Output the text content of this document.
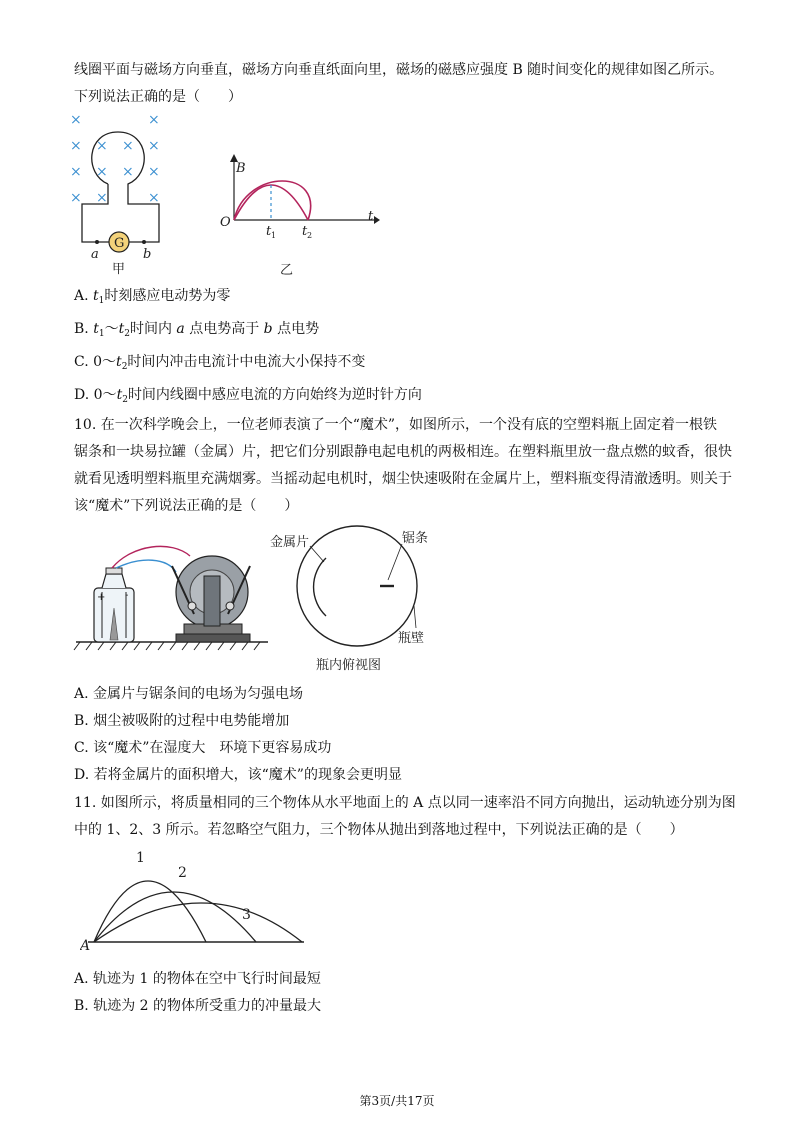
线圈平面与磁场方向垂直，磁场方向垂直纸面向里，磁场的磁感应强度 B 随时间变化的规律如图乙所示。
下列说法正确的是（　　）
×
×
×
×
×
×
×
×
×
×
×
×
×
G
a	b
甲
B
t
O
t 1 t 2
乙
A. $t_1$时刻感应电动势为零
B. $t_1\sim t_2$时间内 a 点电势高于 b 点电势
C. $0\sim t_2$时间内冲击电流计中电流大小保持不变
D. $0\sim t_2$时间内线圈中感应电流的方向始终为逆时针方向
10. 在一次科学晚会上，一位老师表演了一个“魔术”，如图所示，一个没有底的空塑料瓶上固定着一根铁
锯条和一块易拉罐（金属）片，把它们分别跟静电起电机的两极相连。在塑料瓶里放一盘点燃的蚊香，很快
就看见透明塑料瓶里充满烟雾。当摇动起电机时，烟尘快速吸附在金属片上，塑料瓶变得清澈透明。则关于
该“魔术”下列说法正确的是（　　）
+ -
金属片	锯条
瓶壁
瓶内俯视图
A. 金属片与锯条间的电场为匀强电场
B. 烟尘被吸附的过程中电势能增加
C. 该“魔术”在湿度大　环境下更容易成功
D. 若将金属片的面积增大，该“魔术”的现象会更明显
11. 如图所示，将质量相同的三个物体从水平地面上的 A 点以同一速率沿不同方向抛出，运动轨迹分别为图
中的 1、2、3 所示。若忽略空气阻力，三个物体从抛出到落地过程中，下列说法正确的是（　　）
A
1
2
3
A. 轨迹为 1 的物体在空中飞行时间最短
B. 轨迹为 2 的物体所受重力的冲量最大
第3页/共17页
